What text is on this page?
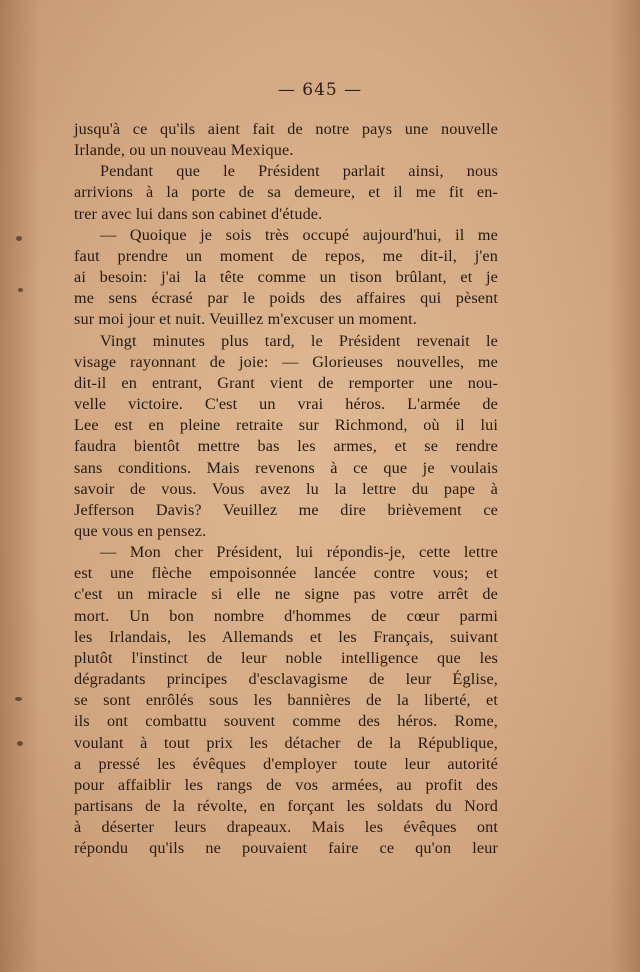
— 645 —
jusqu'à ce qu'ils aient fait de notre pays une nouvelle
Irlande, ou un nouveau Mexique.
Pendant que le Président parlait ainsi, nous
arrivions à la porte de sa demeure, et il me fit en-
trer avec lui dans son cabinet d'étude.
— Quoique je sois très occupé aujourd'hui, il me
faut prendre un moment de repos, me dit-il, j'en
ai besoin: j'ai la tête comme un tison brûlant, et je
me sens écrasé par le poids des affaires qui pèsent
sur moi jour et nuit. Veuillez m'excuser un moment.
Vingt minutes plus tard, le Président revenait le
visage rayonnant de joie: — Glorieuses nouvelles, me
dit-il en entrant, Grant vient de remporter une nou-
velle victoire. C'est un vrai héros. L'armée de
Lee est en pleine retraite sur Richmond, où il lui
faudra bientôt mettre bas les armes, et se rendre
sans conditions. Mais revenons à ce que je voulais
savoir de vous. Vous avez lu la lettre du pape à
Jefferson Davis? Veuillez me dire brièvement ce
que vous en pensez.
— Mon cher Président, lui répondis-je, cette lettre
est une flèche empoisonnée lancée contre vous; et
c'est un miracle si elle ne signe pas votre arrêt de
mort. Un bon nombre d'hommes de cœur parmi
les Irlandais, les Allemands et les Français, suivant
plutôt l'instinct de leur noble intelligence que les
dégradants principes d'esclavagisme de leur Église,
se sont enrôlés sous les bannières de la liberté, et
ils ont combattu souvent comme des héros. Rome,
voulant à tout prix les détacher de la République,
a pressé les évêques d'employer toute leur autorité
pour affaiblir les rangs de vos armées, au profit des
partisans de la révolte, en forçant les soldats du Nord
à déserter leurs drapeaux. Mais les évêques ont
répondu qu'ils ne pouvaient faire ce qu'on leur
